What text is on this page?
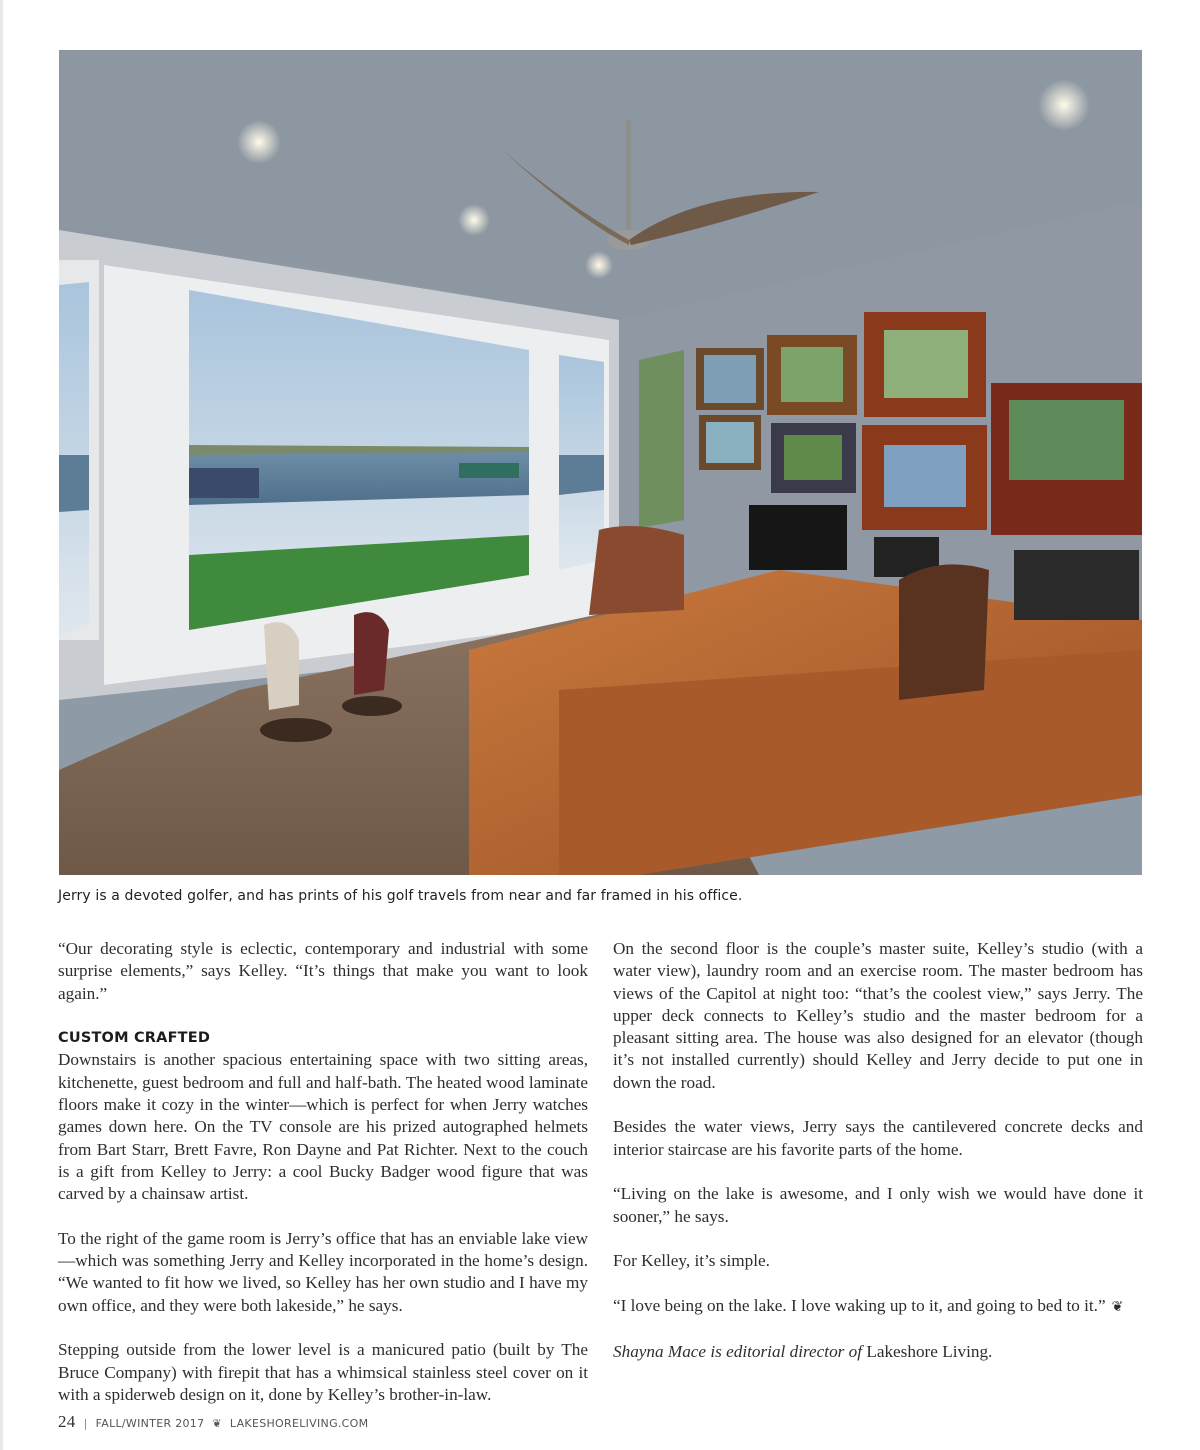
Jerry is a devoted golfer, and has prints of his golf travels from near and far framed in his office.

“Our decorating style is eclectic, contemporary and industrial with some surprise elements,” says Kelley. “It’s things that make you want to look again.”

CUSTOM CRAFTED

Downstairs is another spacious entertaining space with two sitting areas, kitchenette, guest bedroom and full and half-bath. The heated wood laminate floors make it cozy in the winter—which is perfect for when Jerry watches games down here. On the TV console are his prized autographed helmets from Bart Starr, Brett Favre, Ron Dayne and Pat Richter. Next to the couch is a gift from Kelley to Jerry: a cool Bucky Badger wood figure that was carved by a chainsaw artist.

To the right of the game room is Jerry’s office that has an enviable lake view—which was something Jerry and Kelley incorporated in the home’s design. “We wanted to fit how we lived, so Kelley has her own studio and I have my own office, and they were both lakeside,” he says.

Stepping outside from the lower level is a manicured patio (built by The Bruce Company) with firepit that has a whimsical stainless steel cover on it with a spiderweb design on it, done by Kelley’s brother-in-law.

On the second floor is the couple’s master suite, Kelley’s studio (with a water view), laundry room and an exercise room. The master bedroom has views of the Capitol at night too: “that’s the coolest view,” says Jerry. The upper deck connects to Kelley’s studio and the master bedroom for a pleasant sitting area. The house was also designed for an elevator (though it’s not installed currently) should Kelley and Jerry decide to put one in down the road.

Besides the water views, Jerry says the cantilevered concrete decks and interior staircase are his favorite parts of the home.

“Living on the lake is awesome, and I only wish we would have done it sooner,” he says.

For Kelley, it’s simple.

“I love being on the lake. I love waking up to it, and going to bed to it.” ❦

Shayna Mace is editorial director of Lakeshore Living.

24 | FALL/WINTER 2017 ❦ LAKESHORELIVING.COM
